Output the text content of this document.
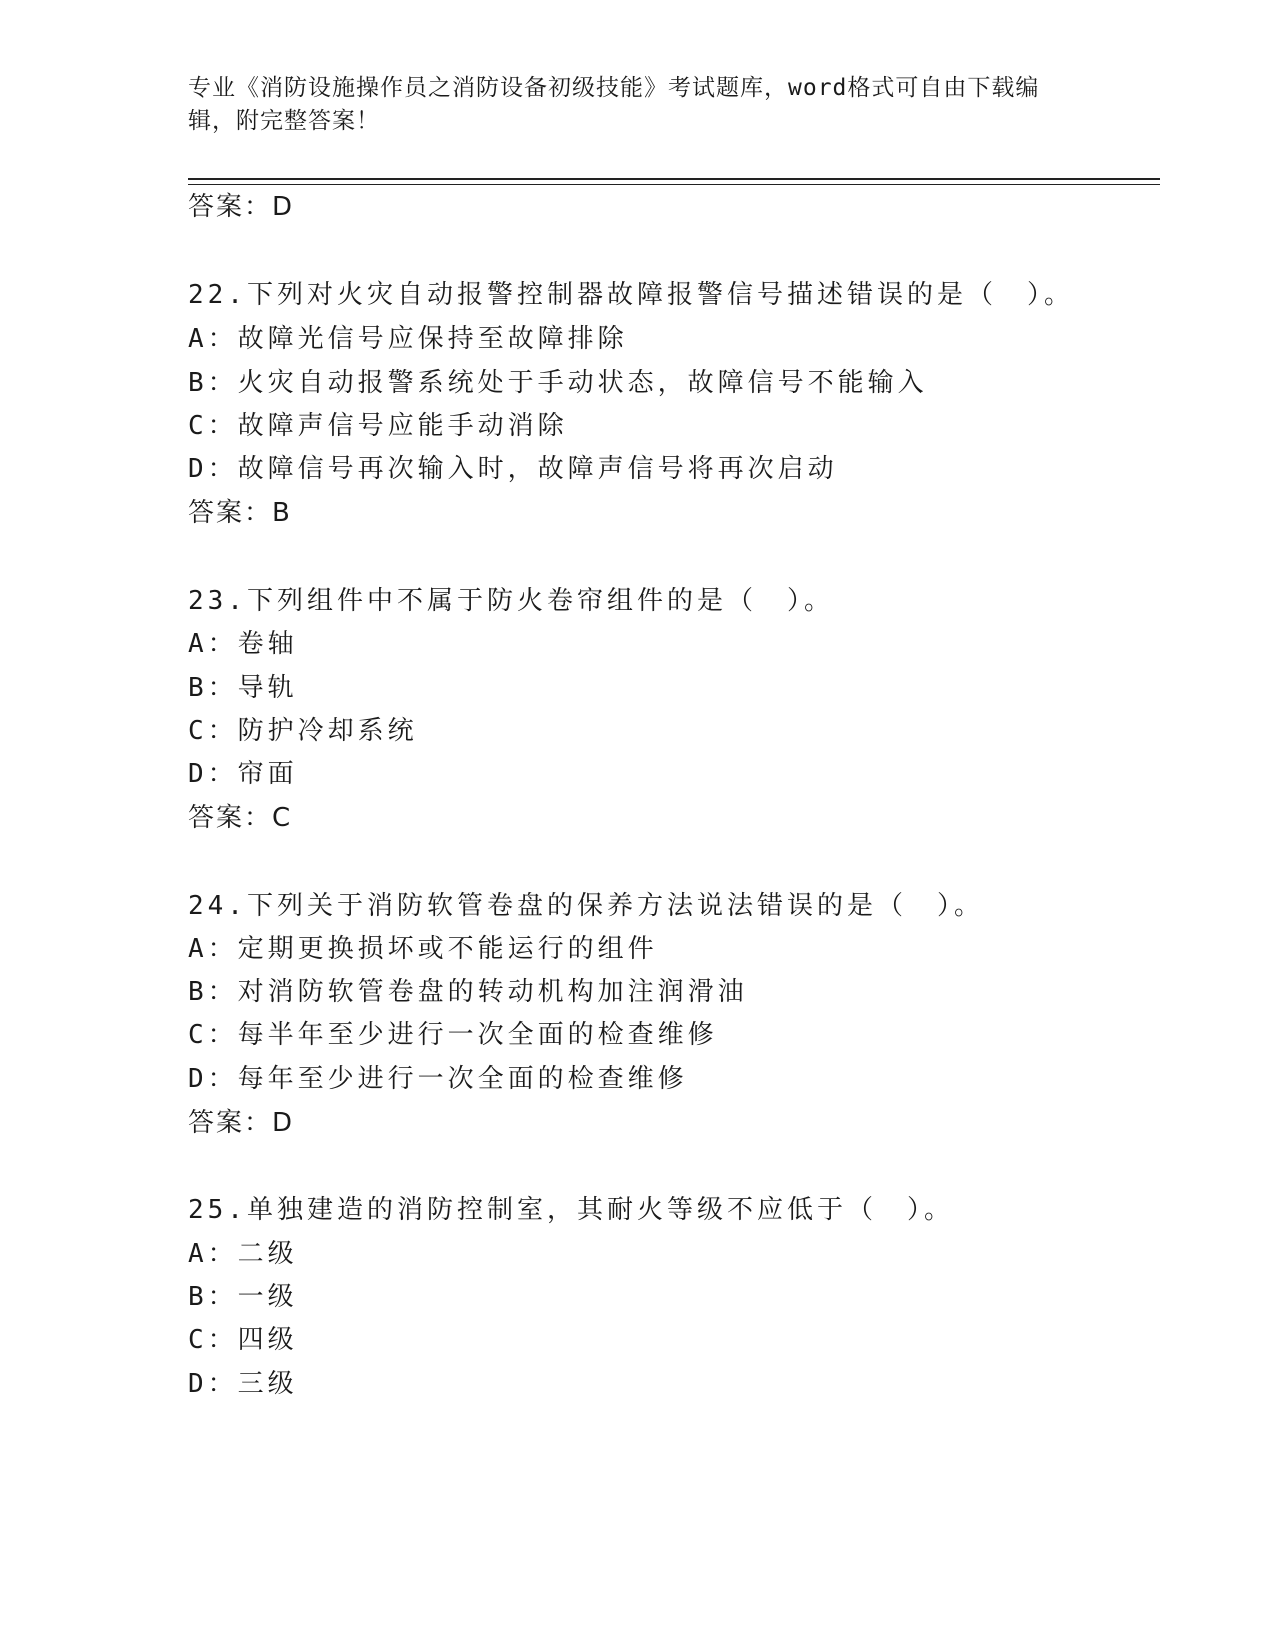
专业《消防设施操作员之消防设备初级技能》考试题库，word格式可自由下载编辑，附完整答案！
答案：D
22.下列对火灾自动报警控制器故障报警信号描述错误的是（　）。
A：故障光信号应保持至故障排除
B：火灾自动报警系统处于手动状态，故障信号不能输入
C：故障声信号应能手动消除
D：故障信号再次输入时，故障声信号将再次启动
答案：B
23.下列组件中不属于防火卷帘组件的是（　）。
A：卷轴
B：导轨
C：防护冷却系统
D：帘面
答案：C
24.下列关于消防软管卷盘的保养方法说法错误的是（　）。
A：定期更换损坏或不能运行的组件
B：对消防软管卷盘的转动机构加注润滑油
C：每半年至少进行一次全面的检查维修
D：每年至少进行一次全面的检查维修
答案：D
25.单独建造的消防控制室，其耐火等级不应低于（　）。
A：二级
B：一级
C：四级
D：三级
